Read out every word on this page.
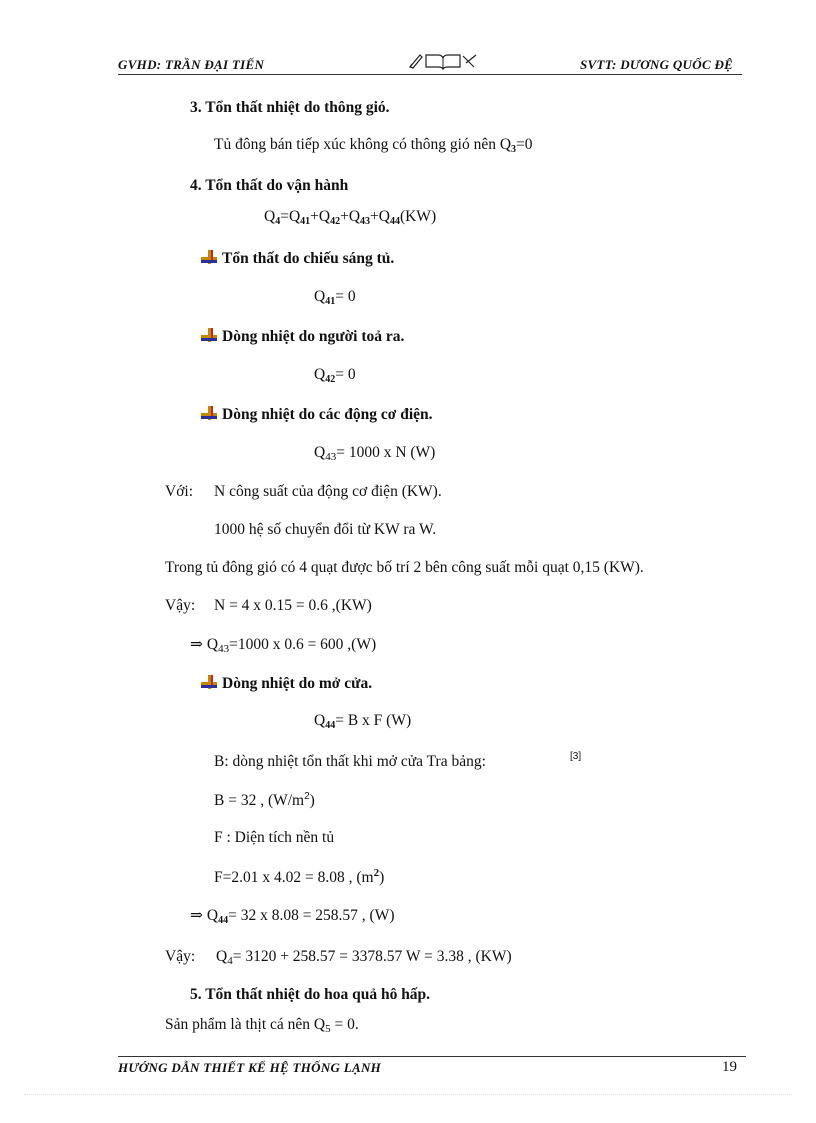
GVHD: TRẦN ĐẠI TIẾN	SVTT: DƯƠNG QUỐC ĐỆ
3. Tổn thất nhiệt do thông gió.
Tủ đông bán tiếp xúc không có thông gió nên $Q_3=0$
4. Tổn thất do vận hành
$Q_4=Q_{41}+Q_{42}+Q_{43}+Q_{44}(KW)$
Tổn thất do chiếu sáng tủ.
$Q_{41}= 0$
Dòng nhiệt do người toả ra.
$Q_{42}= 0$
Dòng nhiệt do các động cơ điện.
$Q_{43}= 1000$ x N (W)
Với: N công suất của động cơ điện (KW).
1000 hệ số chuyển đổi từ KW ra W.
Trong tủ đông gió có 4 quạt được bố trí 2 bên công suất mỗi quạt 0,15 (KW).
Vậy: N = 4 x 0.15 = 0.6 ,(KW)
⇒ $Q_{43}=1000$ x 0.6 = 600 ,(W)
Dòng nhiệt do mở cửa.
$Q_{44}= B$ x F (W)
B: dòng nhiệt tổn thất khi mở cửa Tra bảng:	[3]
B = 32 , $(W/m^2)$
F : Diện tích nền tủ
F=2.01 x 4.02 = 8.08 , $(m^2)$
⇒ $Q_{44}= 32$ x 8.08 = 258.57 , (W)
Vậy: $Q_4= 3120 + 258.57 = 3378.57$ W = 3.38 , (KW)
5. Tổn thất nhiệt do hoa quả hô hấp.
Sản phẩm là thịt cá nên $Q_5 = 0$.
HƯỚNG DẪN THIẾT KẾ HỆ THỐNG LẠNH	19
